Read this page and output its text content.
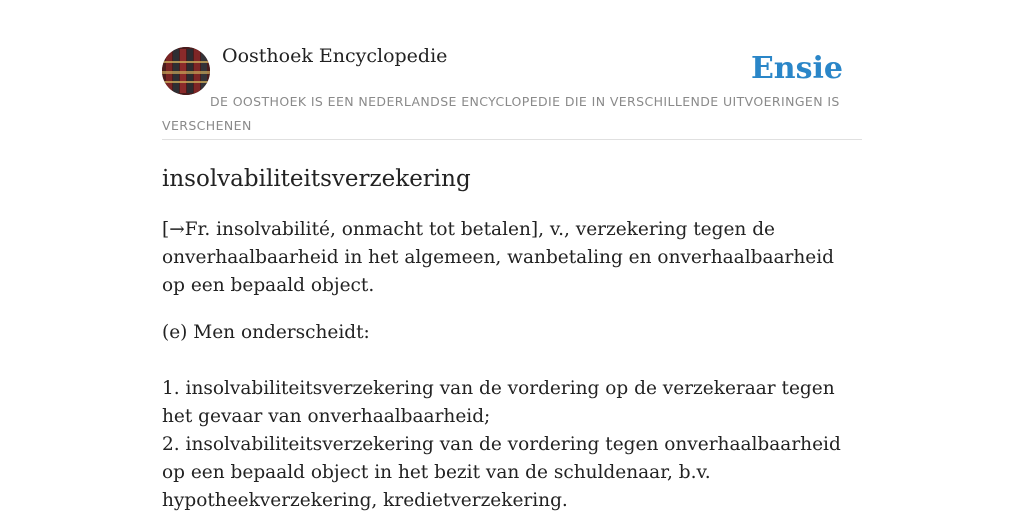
Oosthoek Encyclopedie	Ensie
DE OOSTHOEK IS EEN NEDERLANDSE ENCYCLOPEDIE DIE IN VERSCHILLENDE UITVOERINGEN IS VERSCHENEN
insolvabiliteitsverzekering

[→Fr. insolvabilité, onmacht tot betalen], v., verzekering tegen de onverhaalbaarheid in het algemeen, wanbetaling en onverhaalbaarheid op een bepaald object.

(e) Men onderscheidt:

1. insolvabiliteitsverzekering van de vordering op de verzekeraar tegen het gevaar van onverhaalbaarheid;
2. insolvabiliteitsverzekering van de vordering tegen onverhaalbaarheid op een bepaald object in het bezit van de schuldenaar, b.v. hypotheekverzekering, kredietverzekering.
